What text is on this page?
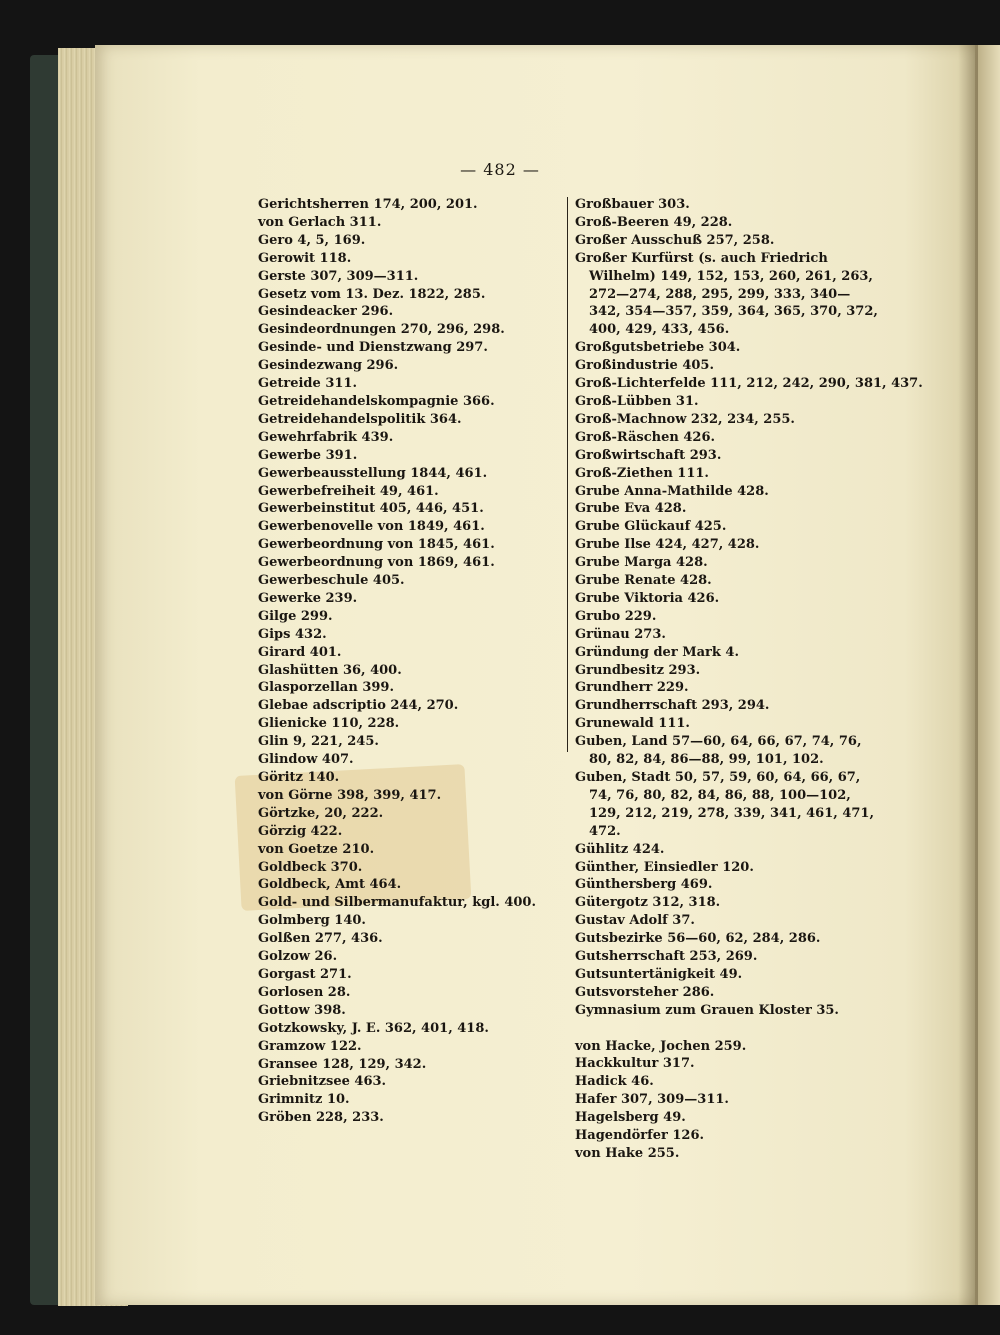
— 482 —
Gerichtsherren 174, 200, 201.
von Gerlach 311.
Gero 4, 5, 169.
Gerowit 118.
Gerste 307, 309—311.
Gesetz vom 13. Dez. 1822, 285.
Gesindeacker 296.
Gesindeordnungen 270, 296, 298.
Gesinde- und Dienstzwang 297.
Gesindezwang 296.
Getreide 311.
Getreidehandelskompagnie 366.
Getreidehandelspolitik 364.
Gewehrfabrik 439.
Gewerbe 391.
Gewerbeausstellung 1844, 461.
Gewerbefreiheit 49, 461.
Gewerbeinstitut 405, 446, 451.
Gewerbenovelle von 1849, 461.
Gewerbeordnung von 1845, 461.
Gewerbeordnung von 1869, 461.
Gewerbeschule 405.
Gewerke 239.
Gilge 299.
Gips 432.
Girard 401.
Glashütten 36, 400.
Glasporzellan 399.
Glebae adscriptio 244, 270.
Glienicke 110, 228.
Glin 9, 221, 245.
Glindow 407.
Göritz 140.
von Görne 398, 399, 417.
Görtzke, 20, 222.
Görzig 422.
von Goetze 210.
Goldbeck 370.
Goldbeck, Amt 464.
Gold- und Silbermanufaktur, kgl. 400.
Golmberg 140.
Golßen 277, 436.
Golzow 26.
Gorgast 271.
Gorlosen 28.
Gottow 398.
Gotzkowsky, J. E. 362, 401, 418.
Gramzow 122.
Gransee 128, 129, 342.
Griebnitzsee 463.
Grimnitz 10.
Gröben 228, 233.
Großbauer 303.
Groß-Beeren 49, 228.
Großer Ausschuß 257, 258.
Großer Kurfürst (s. auch Friedrich Wilhelm) 149, 152, 153, 260, 261, 263, 272—274, 288, 295, 299, 333, 340—342, 354—357, 359, 364, 365, 370, 372, 400, 429, 433, 456.
Großgutsbetriebe 304.
Großindustrie 405.
Groß-Lichterfelde 111, 212, 242, 290, 381, 437.
Groß-Lübben 31.
Groß-Machnow 232, 234, 255.
Groß-Räschen 426.
Großwirtschaft 293.
Groß-Ziethen 111.
Grube Anna-Mathilde 428.
Grube Eva 428.
Grube Glückauf 425.
Grube Ilse 424, 427, 428.
Grube Marga 428.
Grube Renate 428.
Grube Viktoria 426.
Grubo 229.
Grünau 273.
Gründung der Mark 4.
Grundbesitz 293.
Grundherr 229.
Grundherrschaft 293, 294.
Grunewald 111.
Guben, Land 57—60, 64, 66, 67, 74, 76, 80, 82, 84, 86—88, 99, 101, 102.
Guben, Stadt 50, 57, 59, 60, 64, 66, 67, 74, 76, 80, 82, 84, 86, 88, 100—102, 129, 212, 219, 278, 339, 341, 461, 471, 472.
Gühlitz 424.
Günther, Einsiedler 120.
Günthersberg 469.
Gütergotz 312, 318.
Gustav Adolf 37.
Gutsbezirke 56—60, 62, 284, 286.
Gutsherrschaft 253, 269.
Gutsuntertänigkeit 49.
Gutsvorsteher 286.
Gymnasium zum Grauen Kloster 35.
von Hacke, Jochen 259.
Hackkultur 317.
Hadick 46.
Hafer 307, 309—311.
Hagelsberg 49.
Hagendörfer 126.
von Hake 255.
